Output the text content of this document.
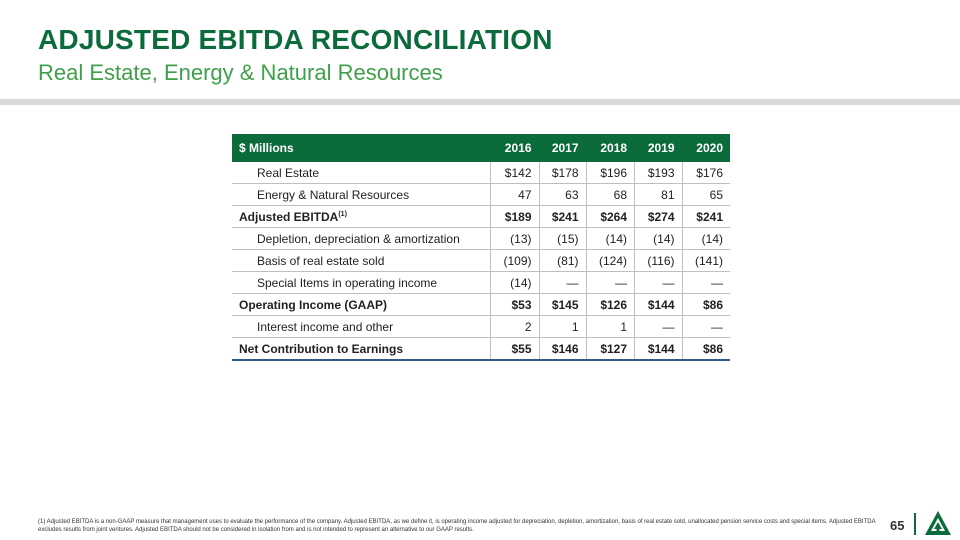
ADJUSTED EBITDA RECONCILIATION
Real Estate, Energy & Natural Resources
$ Millions	2016	2017	2018	2019	2020
Real Estate	$142	$178	$196	$193	$176
Energy & Natural Resources	47	63	68	81	65
Adjusted EBITDA$^{(1)}$	$189	$241	$264	$274	$241
Depletion, depreciation & amortization	(13)	(15)	(14)	(14)	(14)
Basis of real estate sold	(109)	(81)	(124)	(116)	(141)
Special Items in operating income	(14)	—	—	—	—
Operating Income (GAAP)	$53	$145	$126	$144	$86
Interest income and other	2	1	1	—	—
Net Contribution to Earnings	$55	$146	$127	$144	$86
(1) Adjusted EBITDA is a non-GAAP measure that management uses to evaluate the performance of the company. Adjusted EBITDA, as we define it, is operating income adjusted for depreciation, depletion, amortization, basis of real estate sold, unallocated pension service costs and special items. Adjusted EBITDA excludes results from joint ventures. Adjusted EBITDA should not be considered in isolation from and is not intended to represent an alternative to our GAAP results.	65
